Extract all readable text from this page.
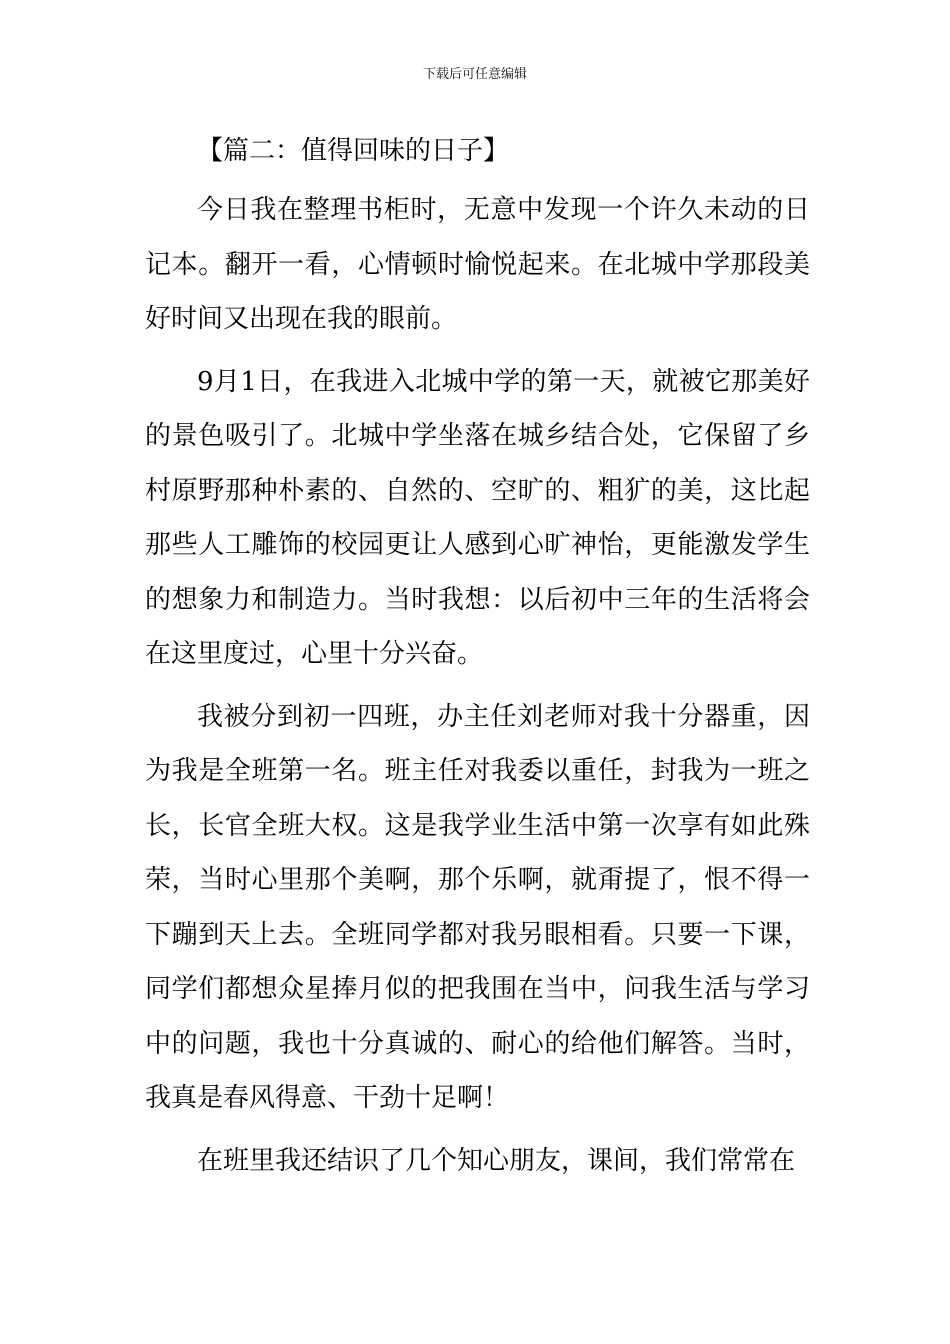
下载后可任意编辑
【篇二：值得回味的日子】

今日我在整理书柜时，无意中发现一个许久未动的日记本。翻开一看，心情顿时愉悦起来。在北城中学那段美好时间又出现在我的眼前。

9月1日，在我进入北城中学的第一天，就被它那美好的景色吸引了。北城中学坐落在城乡结合处，它保留了乡村原野那种朴素的、自然的、空旷的、粗犷的美，这比起那些人工雕饰的校园更让人感到心旷神怡，更能激发学生的想象力和制造力。当时我想：以后初中三年的生活将会在这里度过，心里十分兴奋。

我被分到初一四班，办主任刘老师对我十分器重，因为我是全班第一名。班主任对我委以重任，封我为一班之长，长官全班大权。这是我学业生活中第一次享有如此殊荣，当时心里那个美啊，那个乐啊，就甭提了，恨不得一下蹦到天上去。全班同学都对我另眼相看。只要一下课，同学们都想众星捧月似的把我围在当中，问我生活与学习中的问题，我也十分真诚的、耐心的给他们解答。当时，我真是春风得意、干劲十足啊！

在班里我还结识了几个知心朋友，课间，我们常常在
